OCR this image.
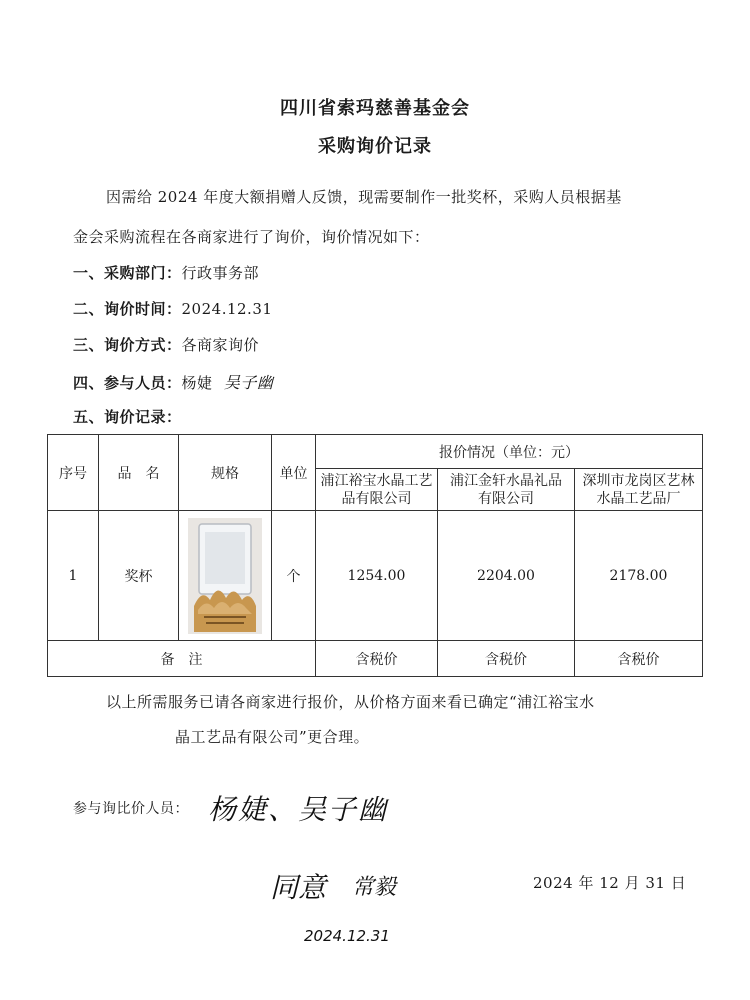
四川省索玛慈善基金会
采购询价记录
因需给 2024 年度大额捐赠人反馈，现需要制作一批奖杯，采购人员根据基
金会采购流程在各商家进行了询价，询价情况如下：
一、采购部门：行政事务部
二、询价时间：2024.12.31
三、询价方式：各商家询价
四、参与人员：杨婕 吴子幽
五、询价记录：
序号	品　名	规格	单位	报价情况（单位：元）		
				浦江裕宝水晶工艺品有限公司	浦江金轩水晶礼品有限公司	深圳市龙岗区艺林水晶工艺品厂
1	奖杯		个	1254.00	2204.00	2178.00
备　注				含税价	含税价	含税价
以上所需服务已请各商家进行报价，从价格方面来看已确定“浦江裕宝水
晶工艺品有限公司”更合理。
参与询比价人员： 杨婕、吴子幽
同意 常毅	2024 年 12 月 31 日
2024.12.31
